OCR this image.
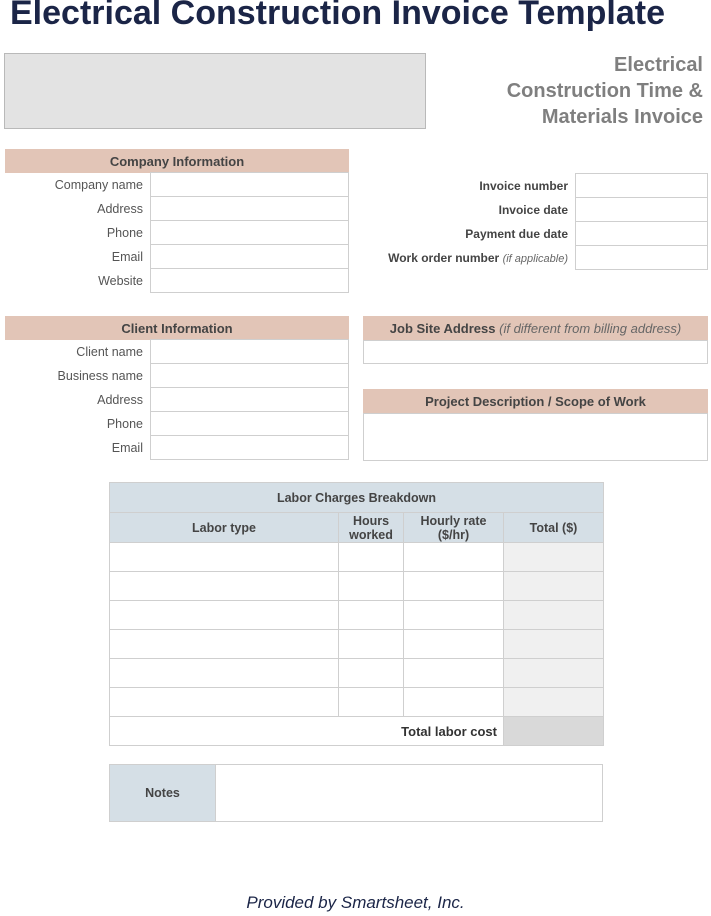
Electrical Construction Invoice Template
Electrical
Construction Time &
Materials Invoice
Company Information
Company name
Address
Phone
Email
Website
Invoice number
Invoice date
Payment due date
Work order number (if applicable)
Client Information
Client name
Business name
Address
Phone
Email
Job Site Address
(if different from billing address)
Project Description / Scope of Work
Labor Charges Breakdown			
Labor type	Hours worked	Hourly rate ($/hr)	Total ($)

Total labor cost			
Notes
Provided by Smartsheet, Inc.
